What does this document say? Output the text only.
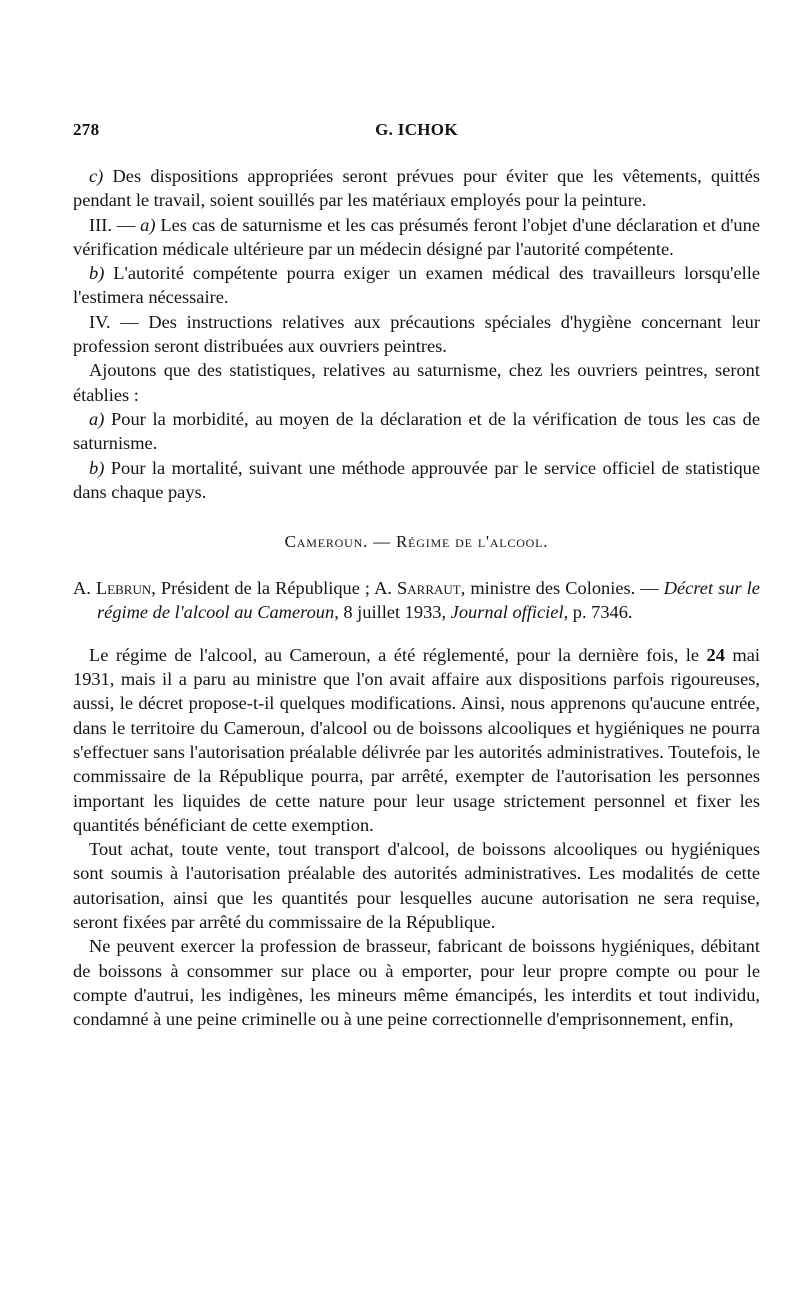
278	G. ICHOK

c) Des dispositions appropriées seront prévues pour éviter que les vêtements, quittés pendant le travail, soient souillés par les matériaux employés pour la peinture.

III. — a) Les cas de saturnisme et les cas présumés feront l'objet d'une déclaration et d'une vérification médicale ultérieure par un médecin désigné par l'autorité compétente.

b) L'autorité compétente pourra exiger un examen médical des travailleurs lorsqu'elle l'estimera nécessaire.

IV. — Des instructions relatives aux précautions spéciales d'hygiène concernant leur profession seront distribuées aux ouvriers peintres.

Ajoutons que des statistiques, relatives au saturnisme, chez les ouvriers peintres, seront établies :

a) Pour la morbidité, au moyen de la déclaration et de la vérification de tous les cas de saturnisme.

b) Pour la mortalité, suivant une méthode approuvée par le service officiel de statistique dans chaque pays.

Cameroun. — Régime de l'alcool.

A. Lebrun, Président de la République ; A. Sarraut, ministre des Colonies. — Décret sur le régime de l'alcool au Cameroun, 8 juillet 1933, Journal officiel, p. 7346.

Le régime de l'alcool, au Cameroun, a été réglementé, pour la dernière fois, le 24 mai 1931, mais il a paru au ministre que l'on avait affaire aux dispositions parfois rigoureuses, aussi, le décret propose-t-il quelques modifications. Ainsi, nous apprenons qu'aucune entrée, dans le territoire du Cameroun, d'alcool ou de boissons alcooliques et hygiéniques ne pourra s'effectuer sans l'autorisation préalable délivrée par les autorités administratives. Toutefois, le commissaire de la République pourra, par arrêté, exempter de l'autorisation les personnes important les liquides de cette nature pour leur usage strictement personnel et fixer les quantités bénéficiant de cette exemption.

Tout achat, toute vente, tout transport d'alcool, de boissons alcooliques ou hygiéniques sont soumis à l'autorisation préalable des autorités administratives. Les modalités de cette autorisation, ainsi que les quantités pour lesquelles aucune autorisation ne sera requise, seront fixées par arrêté du commissaire de la République.

Ne peuvent exercer la profession de brasseur, fabricant de boissons hygiéniques, débitant de boissons à consommer sur place ou à emporter, pour leur propre compte ou pour le compte d'autrui, les indigènes, les mineurs même émancipés, les interdits et tout individu, condamné à une peine criminelle ou à une peine correctionnelle d'emprisonnement, enfin,
